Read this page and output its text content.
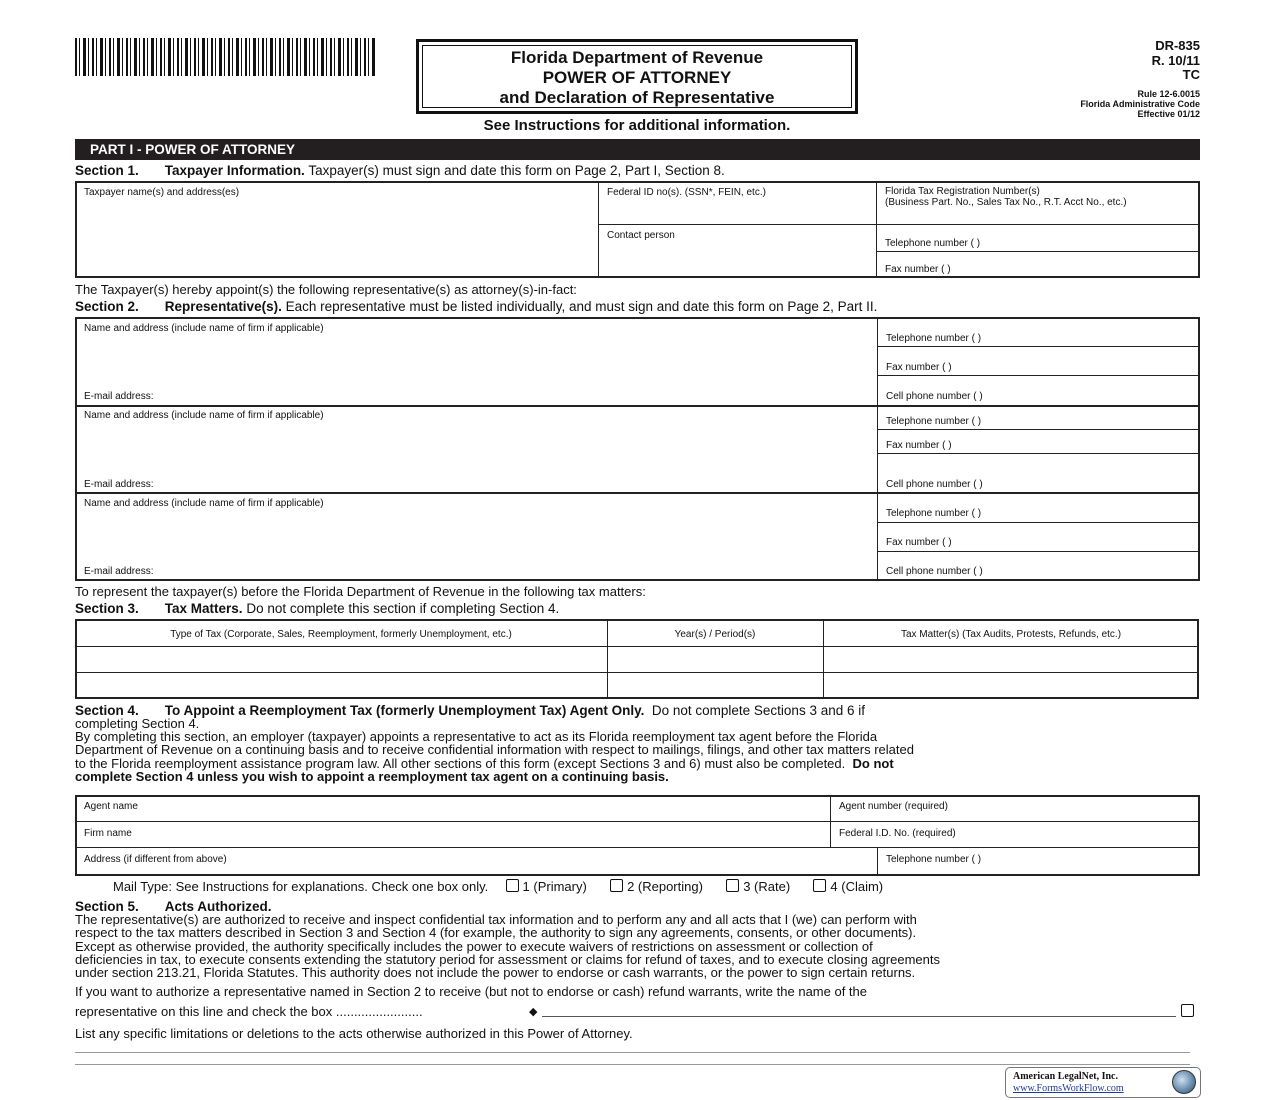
Florida Department of Revenue
POWER OF ATTORNEY
and Declaration of Representative
See Instructions for additional information.
DR-835
R. 10/11
TC
Rule 12-6.0015
Florida Administrative Code
Effective 01/12
PART I - POWER OF ATTORNEY
Section 1. Taxpayer Information. Taxpayer(s) must sign and date this form on Page 2, Part I, Section 8.
Taxpayer name(s) and address(es)	Federal ID no(s). (SSN*, FEIN, etc.)	Florida Tax Registration Number(s)
(Business Part. No., Sales Tax No., R.T. Acct No., etc.)
Contact person
Telephone number ( )
Fax number ( )
The Taxpayer(s) hereby appoint(s) the following representative(s) as attorney(s)-in-fact:
Section 2. Representative(s). Each representative must be listed individually, and must sign and date this form on Page 2, Part II.
Name and address (include name of firm if applicable)
E-mail address:
Telephone number ( )
Fax number ( )
Cell phone number ( )
Name and address (include name of firm if applicable)
E-mail address:
Telephone number ( )
Fax number ( )
Cell phone number ( )
Name and address (include name of firm if applicable)
E-mail address:
Telephone number ( )
Fax number ( )
Cell phone number ( )
To represent the taxpayer(s) before the Florida Department of Revenue in the following tax matters:
Section 3. Tax Matters. Do not complete this section if completing Section 4.
Type of Tax (Corporate, Sales, Reemployment, formerly Unemployment, etc.)	Year(s) / Period(s)	Tax Matter(s) (Tax Audits, Protests, Refunds, etc.)
Section 4. To Appoint a Reemployment Tax (formerly Unemployment Tax) Agent Only. Do not complete Sections 3 and 6 if
completing Section 4.
By completing this section, an employer (taxpayer) appoints a representative to act as its Florida reemployment tax agent before the Florida
Department of Revenue on a continuing basis and to receive confidential information with respect to mailings, filings, and other tax matters related
to the Florida reemployment assistance program law. All other sections of this form (except Sections 3 and 6) must also be completed. Do not
complete Section 4 unless you wish to appoint a reemployment tax agent on a continuing basis.
Agent name	Agent number (required)
Firm name	Federal I.D. No. (required)
Address (if different from above)	Telephone number ( )
Mail Type: See Instructions for explanations. Check one box only.	1 (Primary)	2 (Reporting)	3 (Rate)	4 (Claim)
Section 5. Acts Authorized.
The representative(s) are authorized to receive and inspect confidential tax information and to perform any and all acts that I (we) can perform with
respect to the tax matters described in Section 3 and Section 4 (for example, the authority to sign any agreements, consents, or other documents).
Except as otherwise provided, the authority specifically includes the power to execute waivers of restrictions on assessment or collection of
deficiencies in tax, to execute consents extending the statutory period for assessment or claims for refund of taxes, and to execute closing agreements
under section 213.21, Florida Statutes. This authority does not include the power to endorse or cash warrants, or the power to sign certain returns.
If you want to authorize a representative named in Section 2 to receive (but not to endorse or cash) refund warrants, write the name of the
representative on this line and check the box ........................	◆
List any specific limitations or deletions to the acts otherwise authorized in this Power of Attorney.
American LegalNet, Inc.
www.FormsWorkFlow.com
